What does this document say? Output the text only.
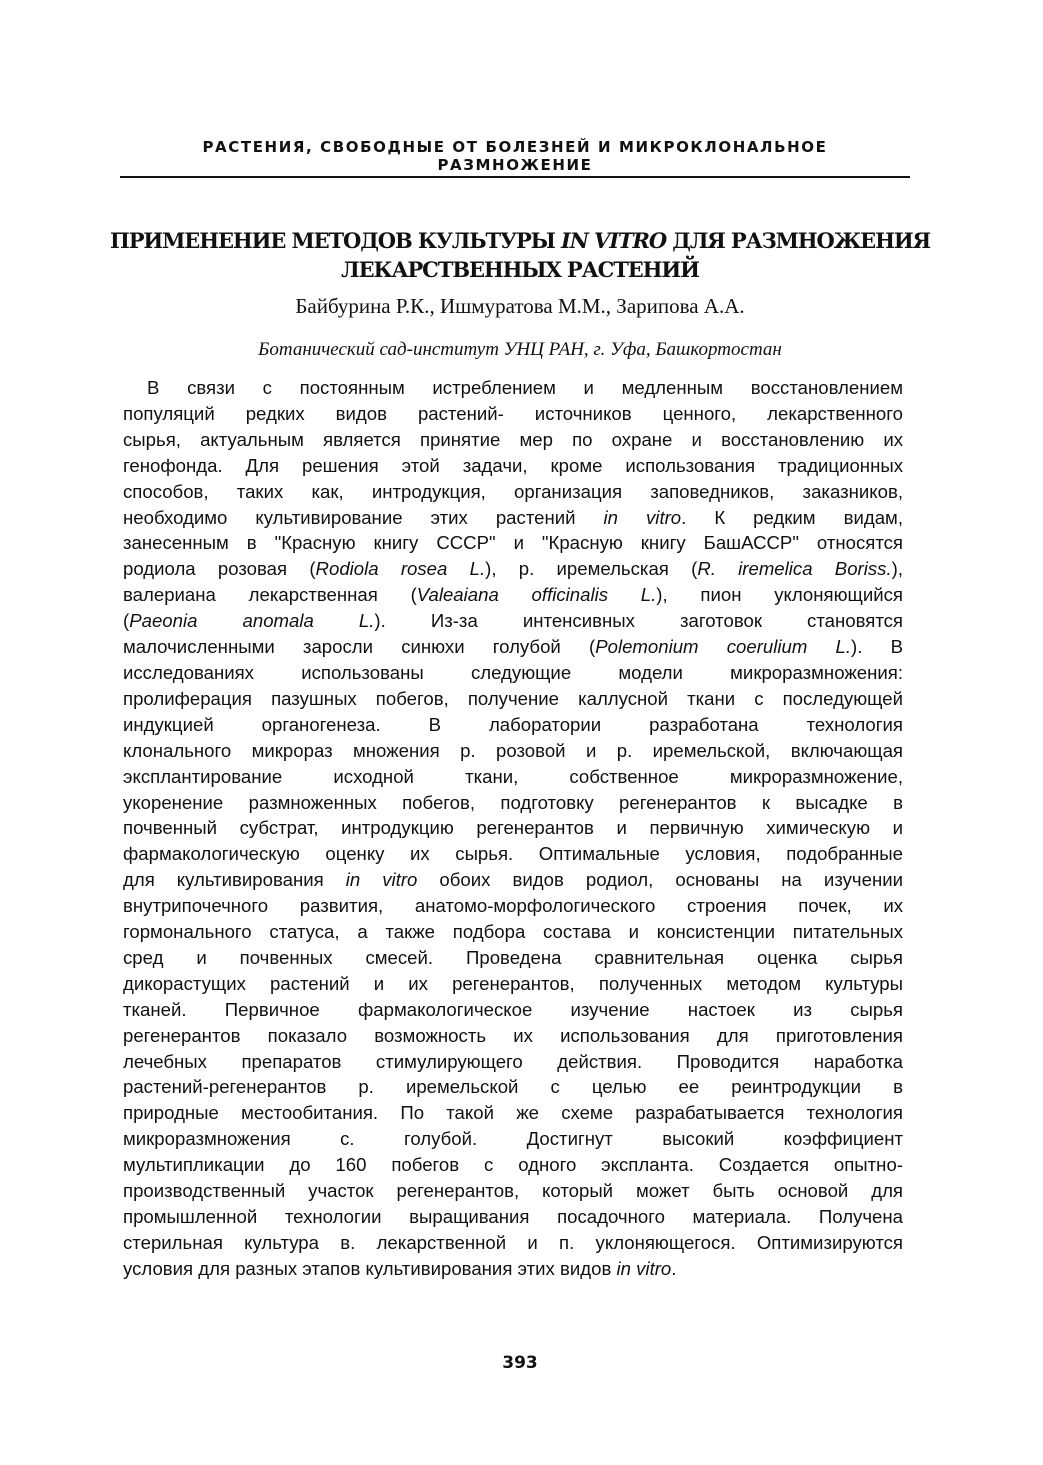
РАСТЕНИЯ, СВОБОДНЫЕ ОТ БОЛЕЗНЕЙ И МИКРОКЛОНАЛЬНОЕ
РАЗМНОЖЕНИЕ
ПРИМЕНЕНИЕ МЕТОДОВ КУЛЬТУРЫ IN VITRO ДЛЯ РАЗМНОЖЕНИЯ
ЛЕКАРСТВЕННЫХ РАСТЕНИЙ
Байбурина Р.К., Ишмуратова М.М., Зарипова А.А.
Ботанический сад-институт УНЦ РАН, г. Уфа, Башкортостан
В связи с постоянным истреблением и медленным восстановлением
популяций редких видов растений- источников ценного, лекарственного
сырья, актуальным является принятие мер по охране и восстановлению их
генофонда. Для решения этой задачи, кроме использования традиционных
способов, таких как, интродукция, организация заповедников, заказников,
необходимо культивирование этих растений in vitro. К редким видам,
занесенным в "Красную книгу СССР" и "Красную книгу БашАССР" относятся
родиола розовая (Rodiola rosea L.), р. иремельская (R. iremelica Boriss.),
валериана лекарственная (Valeaiana officinalis L.), пион уклоняющийся
(Paeonia anomala L.). Из-за интенсивных заготовок становятся
малочисленными заросли синюхи голубой (Polemonium coerulium L.). В
исследованиях использованы следующие модели микроразмножения:
пролиферация пазушных побегов, получение каллусной ткани с последующей
индукцией органогенеза. В лаборатории разработана технология
клонального микрораз множения р. розовой и р. иремельской, включающая
эксплантирование исходной ткани, собственное микроразмножение,
укоренение размноженных побегов, подготовку регенерантов к высадке в
почвенный субстрат, интродукцию регенерантов и первичную химическую и
фармакологическую оценку их сырья. Оптимальные условия, подобранные
для культивирования in vitro обоих видов родиол, основаны на изучении
внутрипочечного развития, анатомо-морфологического строения почек, их
гормонального статуса, а также подбора состава и консистенции питательных
сред и почвенных смесей. Проведена сравнительная оценка сырья
дикорастущих растений и их регенерантов, полученных методом культуры
тканей. Первичное фармакологическое изучение настоек из сырья
регенерантов показало возможность их использования для приготовления
лечебных препаратов стимулирующего действия. Проводится наработка
растений-регенерантов р. иремельской с целью ее реинтродукции в
природные местообитания. По такой же схеме разрабатывается технология
микроразмножения с. голубой. Достигнут высокий коэффициент
мультипликации до 160 побегов с одного эксплантa. Создается опытно-
производственный участок регенерантов, который может быть основой для
промышленной технологии выращивания посадочного материала. Получена
стерильная культура в. лекарственной и п. уклоняющегося. Оптимизируются
условия для разных этапов культивирования этих видов in vitro.
393
